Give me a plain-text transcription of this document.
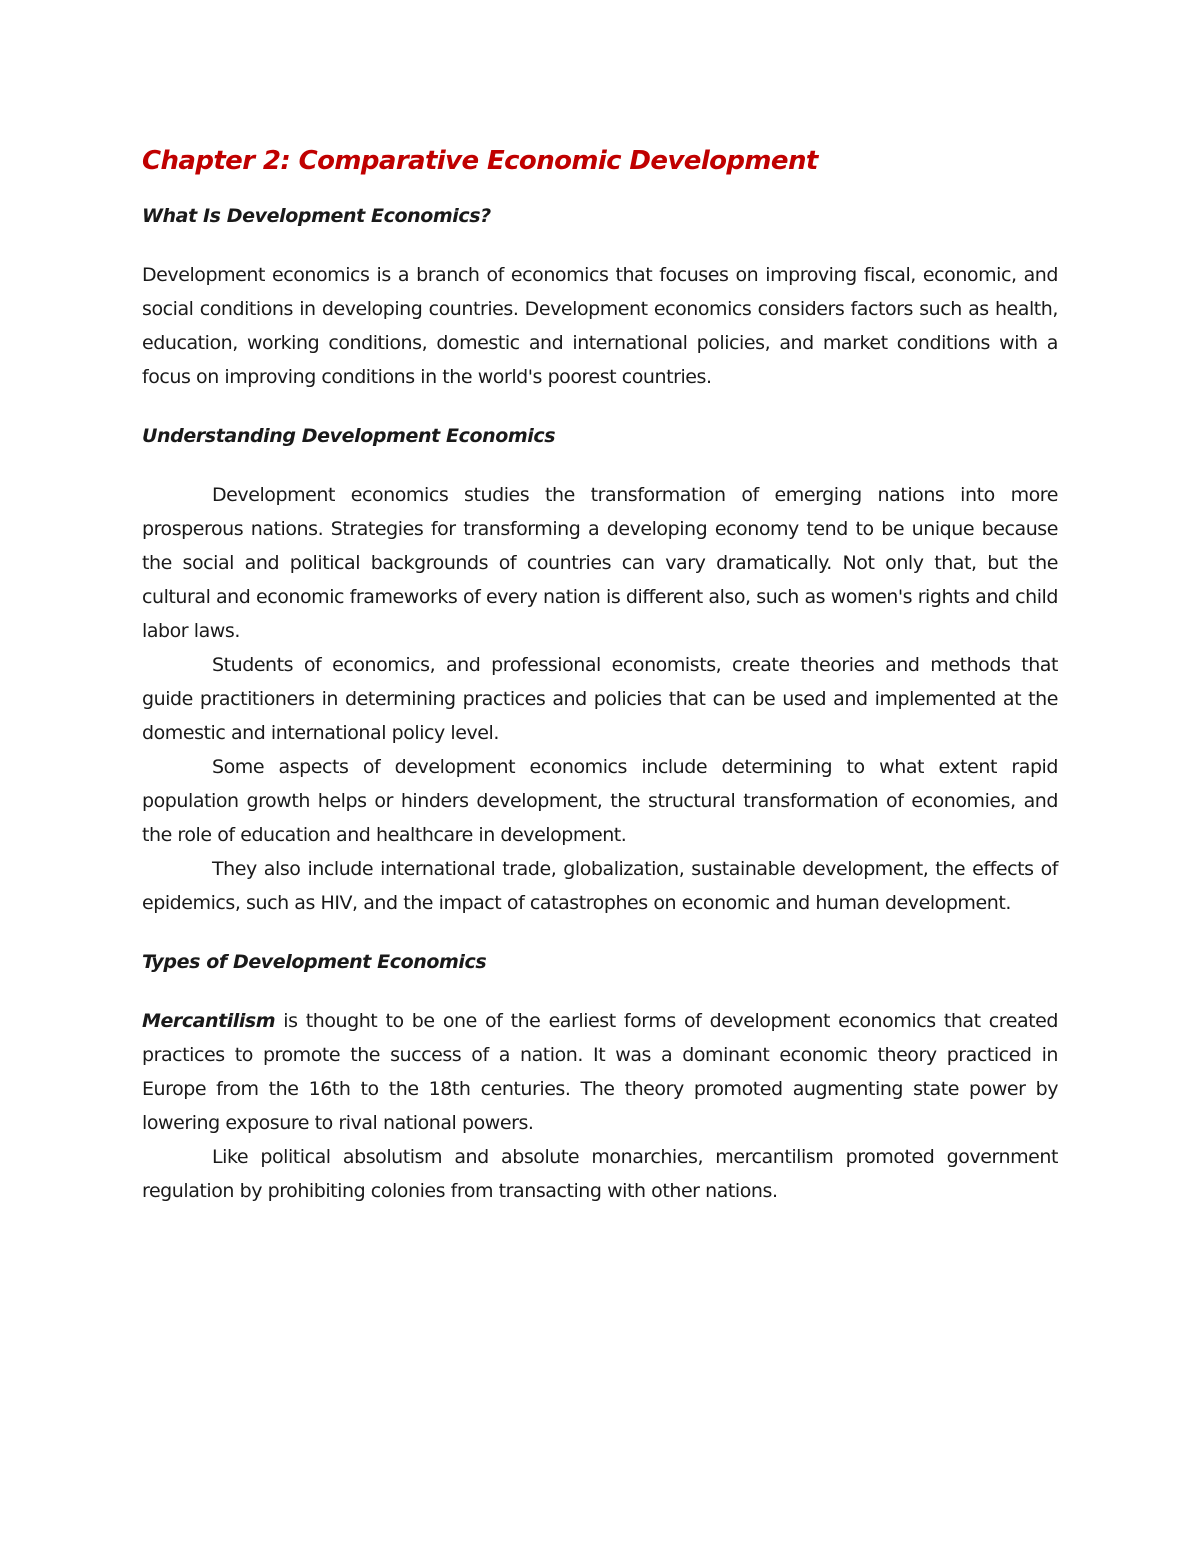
Chapter 2: Comparative Economic Development
What Is Development Economics?

Development economics is a branch of economics that focuses on improving fiscal, economic, and social conditions in developing countries. Development economics considers factors such as health, education, working conditions, domestic and international policies, and market conditions with a focus on improving conditions in the world's poorest countries.

Understanding Development Economics

Development economics studies the transformation of emerging nations into more prosperous nations. Strategies for transforming a developing economy tend to be unique because the social and political backgrounds of countries can vary dramatically. Not only that, but the cultural and economic frameworks of every nation is different also, such as women's rights and child labor laws.

Students of economics, and professional economists, create theories and methods that guide practitioners in determining practices and policies that can be used and implemented at the domestic and international policy level.

Some aspects of development economics include determining to what extent rapid population growth helps or hinders development, the structural transformation of economies, and the role of education and healthcare in development.

They also include international trade, globalization, sustainable development, the effects of epidemics, such as HIV, and the impact of catastrophes on economic and human development.

Types of Development Economics

Mercantilism is thought to be one of the earliest forms of development economics that created practices to promote the success of a nation. It was a dominant economic theory practiced in Europe from the 16th to the 18th centuries. The theory promoted augmenting state power by lowering exposure to rival national powers.

Like political absolutism and absolute monarchies, mercantilism promoted government regulation by prohibiting colonies from transacting with other nations.
